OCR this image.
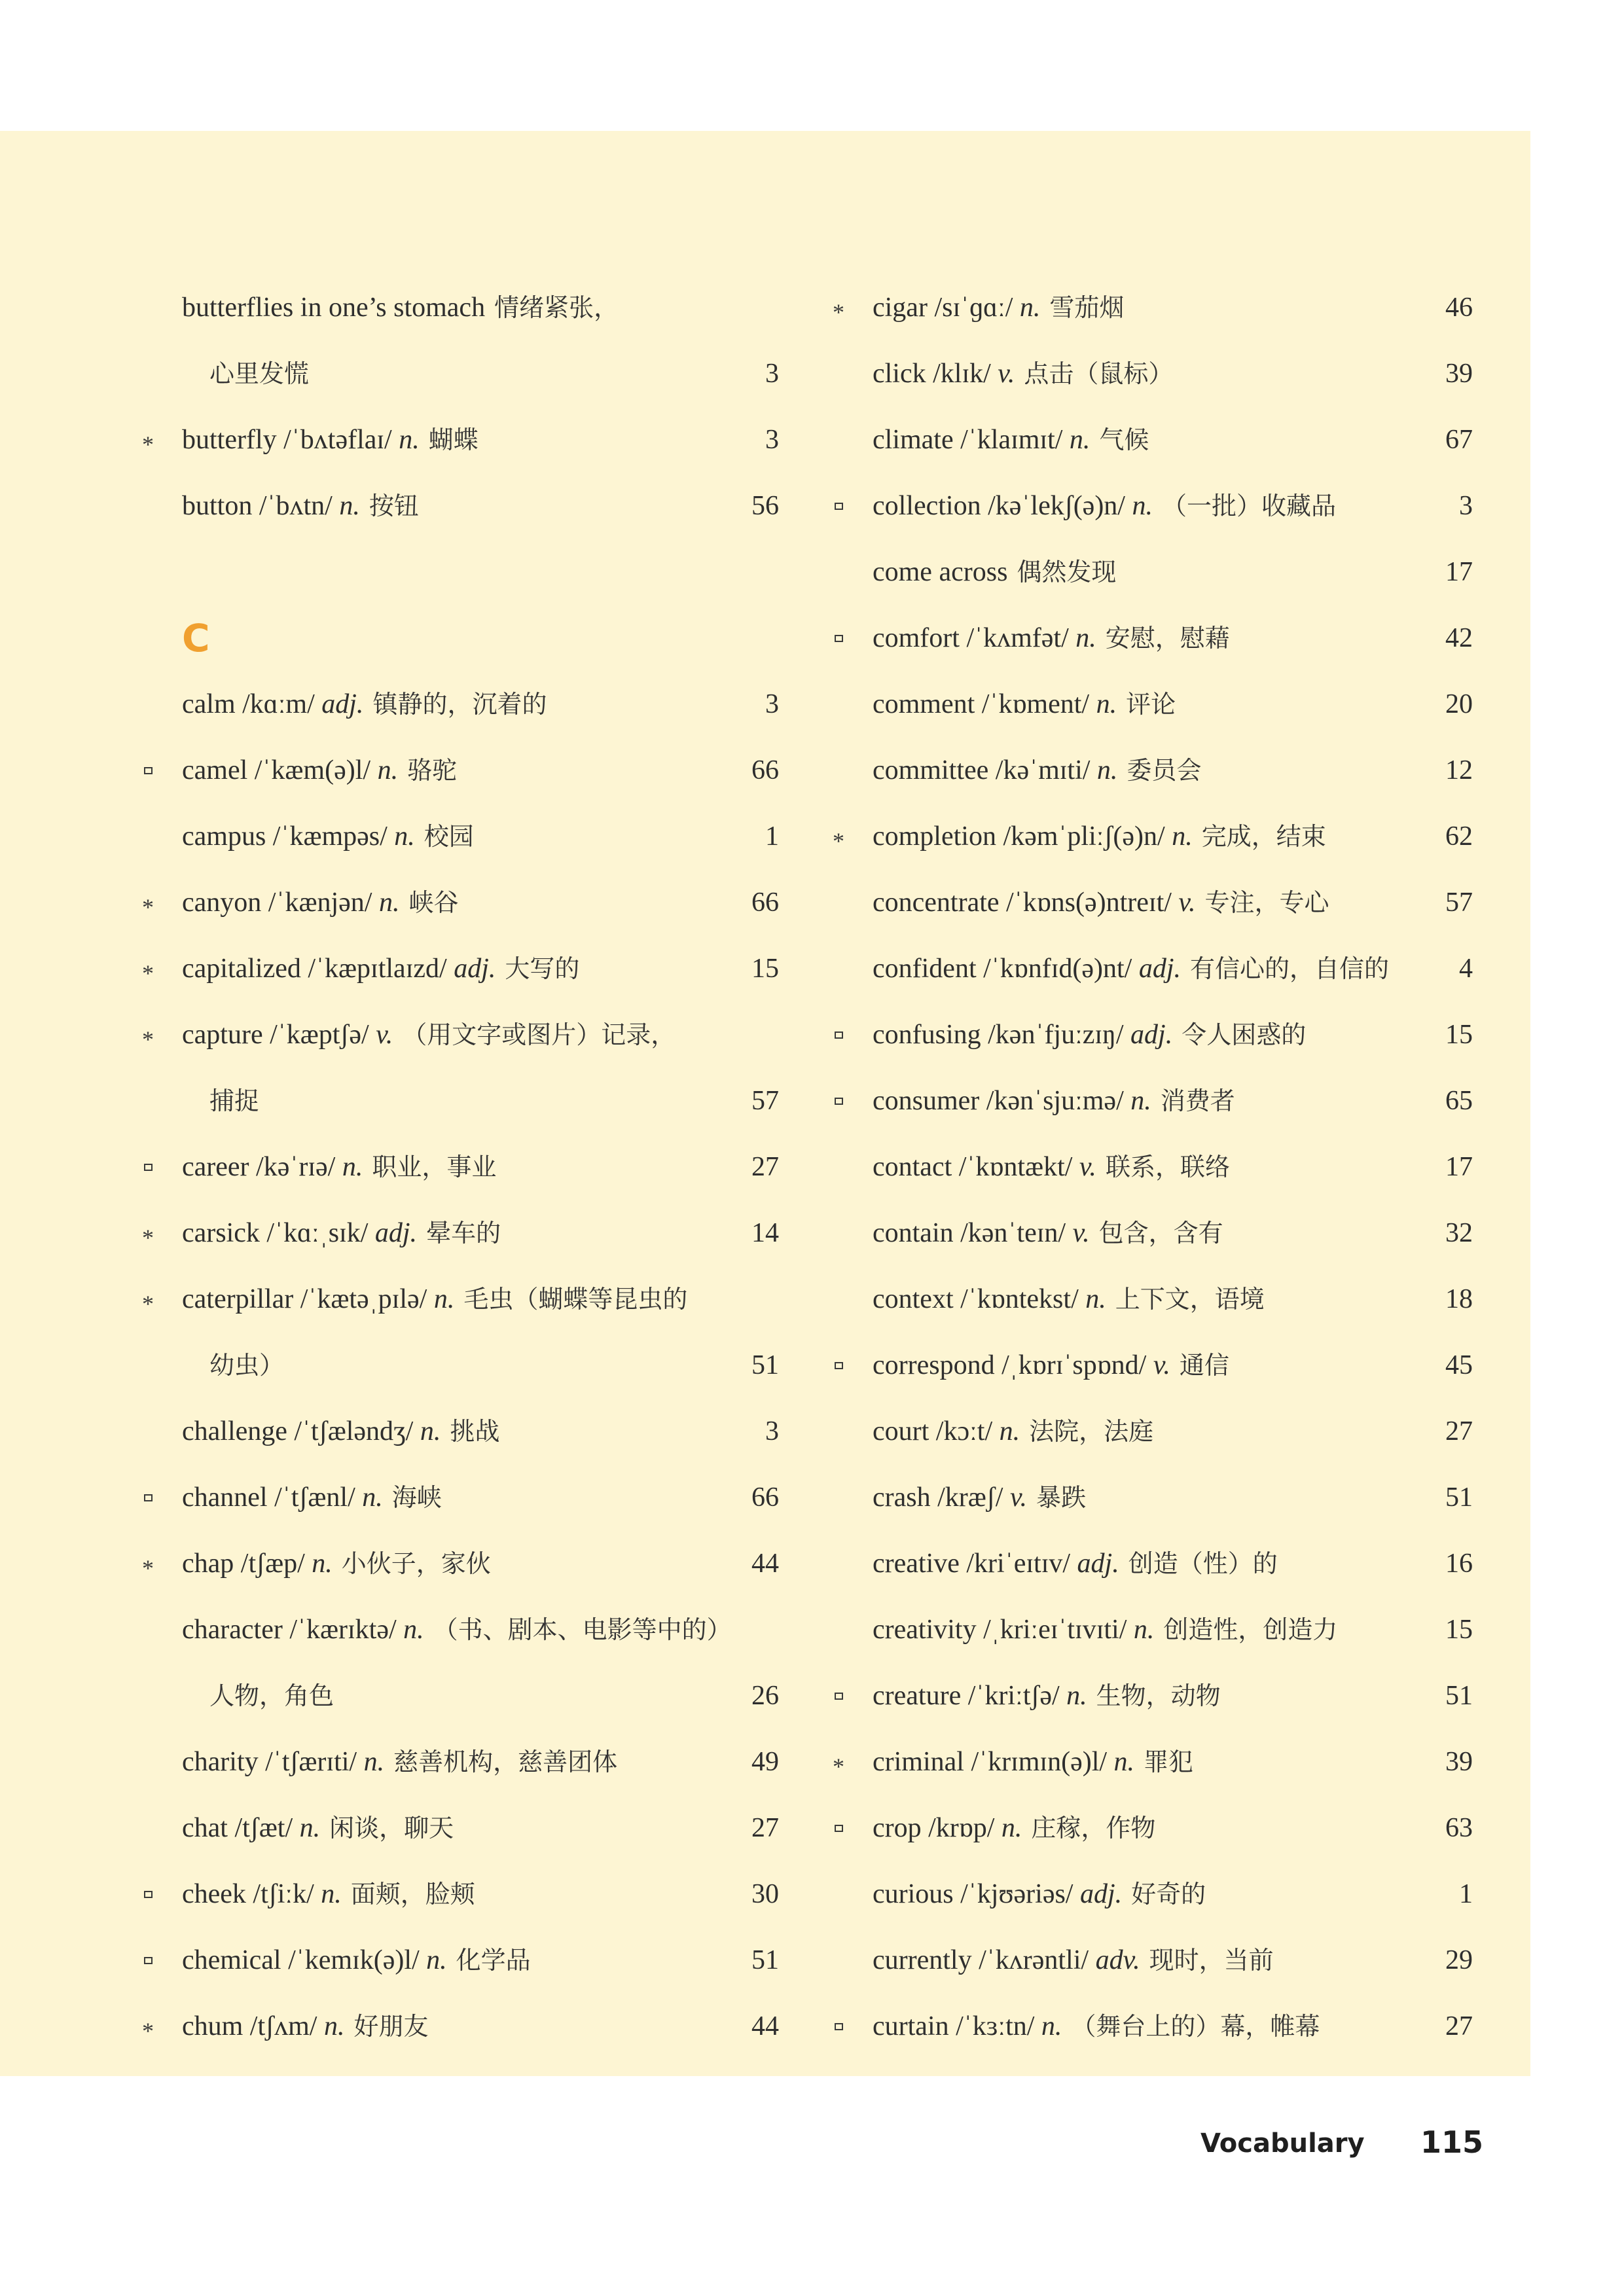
butterflies in one’s stomach 情绪紧张，
心里发慌	3
*
butterfly /ˈbʌtəflaɪ/ n. 蝴蝶	3
button /ˈbʌtn/ n. 按钮	56
C
calm /kɑːm/ adj. 镇静的，沉着的	3
camel /ˈkæm(ə)l/ n. 骆驼	66
campus /ˈkæmpəs/ n. 校园	1
*
canyon /ˈkænjən/ n. 峡谷	66
*
capitalized /ˈkæpɪtlaɪzd/ adj. 大写的	15
*
capture /ˈkæptʃə/ v. （用文字或图片）记录，
捕捉	57
career /kəˈrɪə/ n. 职业，事业	27
*
carsick /ˈkɑːˌsɪk/ adj. 晕车的	14
*
caterpillar /ˈkætəˌpɪlə/ n. 毛虫（蝴蝶等昆虫的
幼虫）	51
challenge /ˈtʃæləndʒ/ n. 挑战	3
channel /ˈtʃænl/ n. 海峡	66
*
chap /tʃæp/ n. 小伙子，家伙	44
character /ˈkærɪktə/ n. （书、剧本、电影等中的）
人物，角色	26
charity /ˈtʃærɪti/ n. 慈善机构，慈善团体	49
chat /tʃæt/ n. 闲谈，聊天	27
cheek /tʃiːk/ n. 面颊，脸颊	30
chemical /ˈkemɪk(ə)l/ n. 化学品	51
*
chum /tʃʌm/ n. 好朋友	44
*
cigar /sɪˈɡɑː/ n. 雪茄烟	46
click /klɪk/ v. 点击（鼠标）	39
climate /ˈklaɪmɪt/ n. 气候	67
collection /kəˈlekʃ(ə)n/ n. （一批）收藏品	3
come across 偶然发现	17
comfort /ˈkʌmfət/ n. 安慰，慰藉	42
comment /ˈkɒment/ n. 评论	20
committee /kəˈmɪti/ n. 委员会	12
*
completion /kəmˈpliːʃ(ə)n/ n. 完成，结束	62
concentrate /ˈkɒns(ə)ntreɪt/ v. 专注，专心	57
confident /ˈkɒnfɪd(ə)nt/ adj. 有信心的，自信的	4
confusing /kənˈfjuːzɪŋ/ adj. 令人困惑的	15
consumer /kənˈsjuːmə/ n. 消费者	65
contact /ˈkɒntækt/ v. 联系，联络	17
contain /kənˈteɪn/ v. 包含，含有	32
context /ˈkɒntekst/ n. 上下文，语境	18
correspond /ˌkɒrɪˈspɒnd/ v. 通信	45
court /kɔːt/ n. 法院，法庭	27
crash /kræʃ/ v. 暴跌	51
creative /kriˈeɪtɪv/ adj. 创造（性）的	16
creativity /ˌkriːeɪˈtɪvɪti/ n. 创造性，创造力	15
creature /ˈkriːtʃə/ n. 生物，动物	51
*
criminal /ˈkrɪmɪn(ə)l/ n. 罪犯	39
crop /krɒp/ n. 庄稼，作物	63
curious /ˈkjʊəriəs/ adj. 好奇的	1
currently /ˈkʌrəntli/ adv. 现时，当前	29
curtain /ˈkɜːtn/ n. （舞台上的）幕，帷幕	27
Vocabulary 115
